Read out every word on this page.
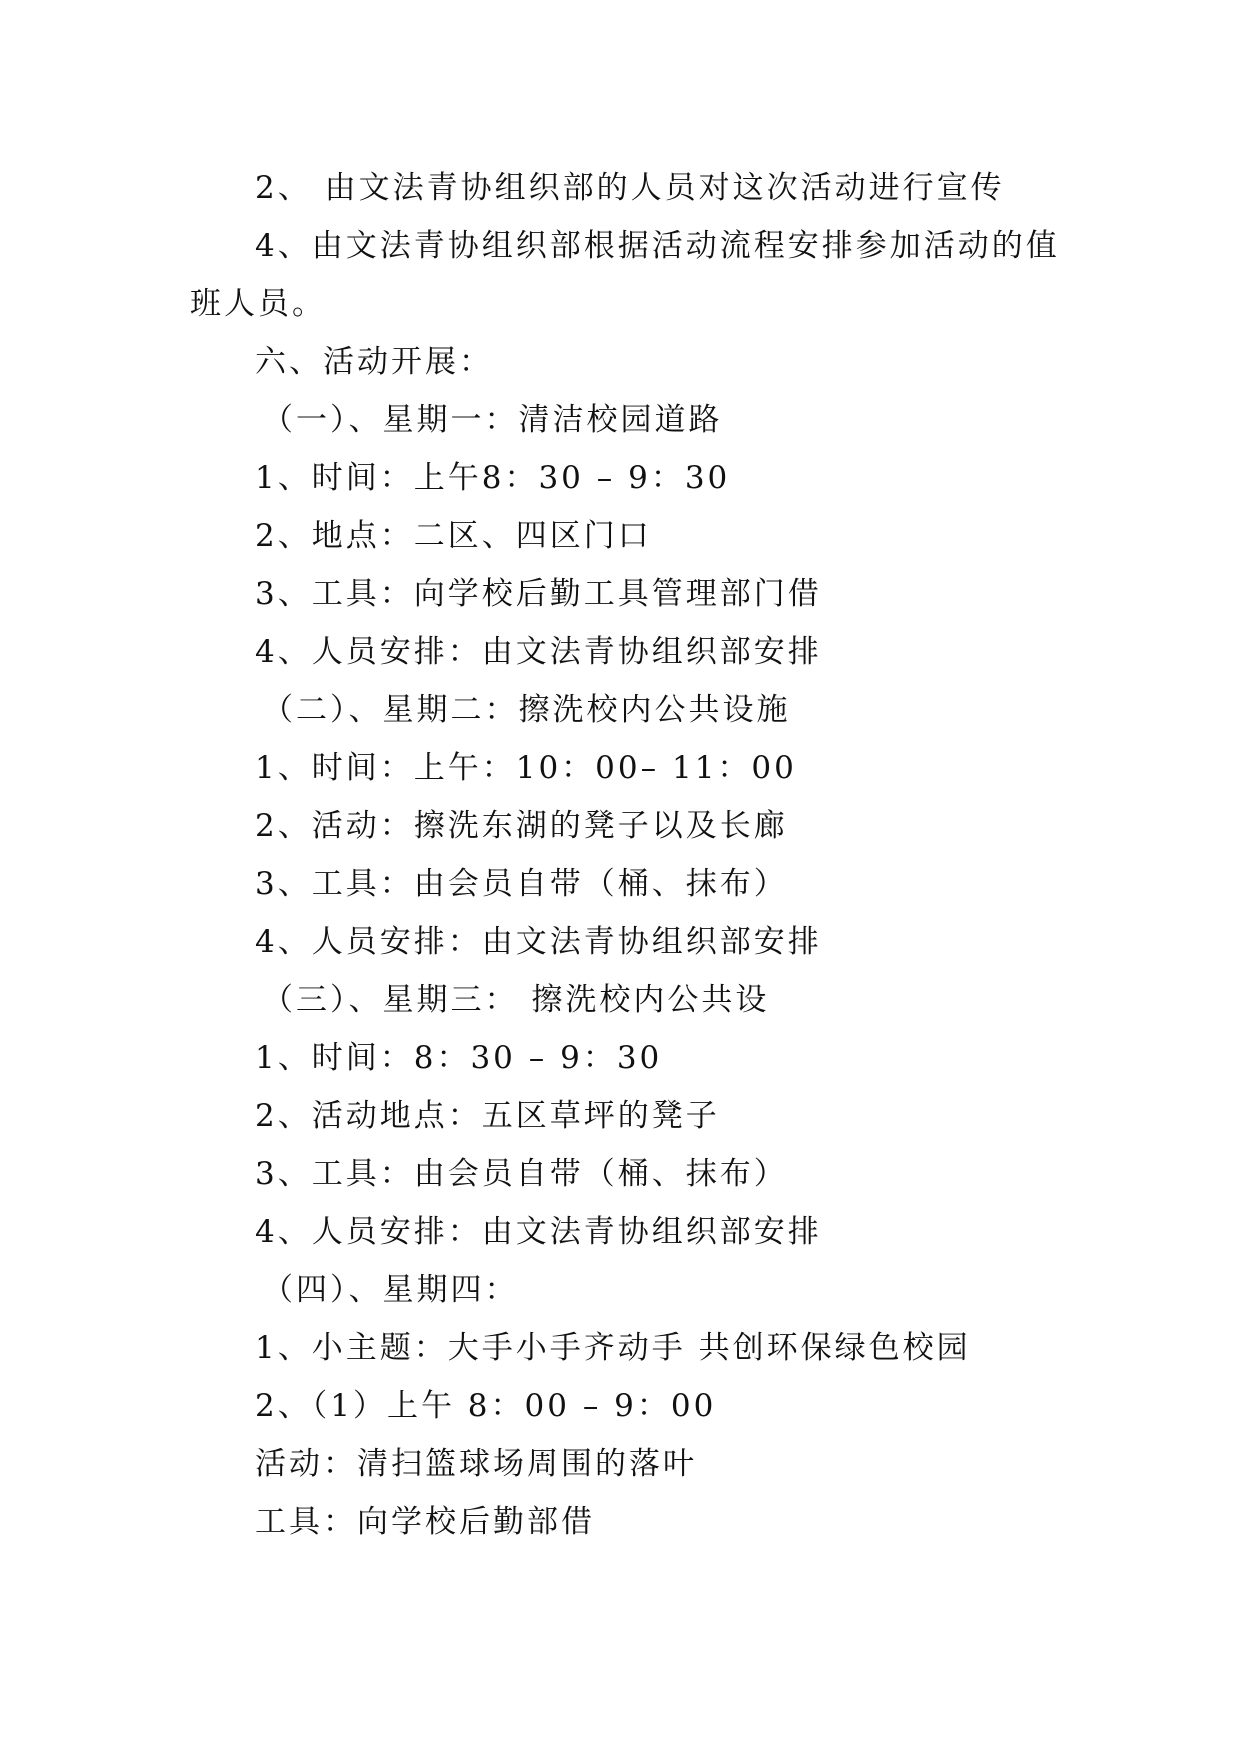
2、 由文法青协组织部的人员对这次活动进行宣传
4、由文法青协组织部根据活动流程安排参加活动的值
班人员。
六、活动开展：
（一）、星期一：清洁校园道路
1、时间：上午8：30 – 9：30
2、地点：二区、四区门口
3、工具：向学校后勤工具管理部门借
4、人员安排：由文法青协组织部安排
（二）、星期二：擦洗校内公共设施
1、时间：上午：10：00– 11：00
2、活动：擦洗东湖的凳子以及长廊
3、工具：由会员自带（桶、抹布）
4、人员安排：由文法青协组织部安排
（三）、星期三： 擦洗校内公共设
1、时间：8：30 – 9：30
2、活动地点：五区草坪的凳子
3、工具：由会员自带（桶、抹布）
4、人员安排：由文法青协组织部安排
（四）、星期四：
1、小主题：大手小手齐动手 共创环保绿色校园
2、（1）上午 8：00 – 9：00
活动：清扫篮球场周围的落叶
工具：向学校后勤部借
